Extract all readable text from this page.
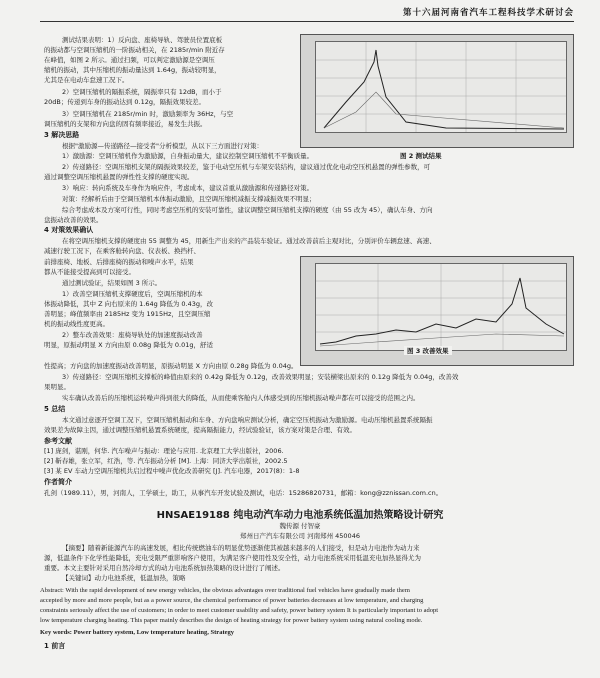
第十六届河南省汽车工程科技学术研讨会
测试结果表明：1）反向盘、座椅导轨、驾驶员位置底板
的振动都与空调压缩机的一阶振动相关，在 2185r/min 附近存
在峰值，如图 2 所示。通过扫频，可以判定激励源是空调压
缩机的振动，其中压缩机的振动量达到 1.64g，振动较明显，
尤其是在电动车怠速工况下。
2）空调压缩机的隔振系统，隔振率只有 12dB，而小于
20dB；传递到车身的振动达到 0.12g，隔振效果较差。
3）空调压缩机在 2185r/min 时，激励频率为 36Hz，与空
调压缩机的支架和方向盘的固有频率接近，易发生共振。
图 2 测试结果
3 解决思路
根据"激励源—传递路径—接受者"分析模型，从以下三方面进行对策：
1）激励源：空调压缩机作为激励源，自身振动量大，建议控制空调压缩机不平衡质量。
2）传递路径：空调压缩机支架的隔振效果较差，鉴于电动空压机与车架安装结构，建议通过优化电动空压机悬置的弹性参数，可
通过调整空调压缩机悬置的弹性性支撑的硬度实现。
3）响应：转向系统及车身作为响应件，考虑成本，建议首重从激励源和传递路径对策。
对策：经解析后由于空调压缩机本体振动激励，且空调压缩机减振支撑减振效果不明显；
综合考虑成本及方案可行性，同时考虑空压机的安装可靠性，建议调整空调压缩机支撑的硬度（由 55 改为 45），确认车身、方向
盘振动改善的效果。
4 对策效果确认
在将空调压缩机支撑的硬度由 55 调整为 45，用新生产出来的产品装车验证。通过改善前后主观对比，分别评价车辆怠速、高速、
减速行驶工况下，在乘客舱转向盘、仪表板、换挡杆、
前排座椅、地板、后排座椅的振动和噪声水平，结果
都从不能接受提高到可以接受。
通过测试验证，结果如图 3 所示。
1）改善空调压缩机支撑硬度后，空调压缩机的本
体振动降低，其中 Z 向右原来的 1.64g 降低为 0.43g，改
善明显；峰值频率由 2185Hz 变为 1915Hz，且空调压缩
机的振动线性度更高。
2）整车改善效果：座椅导轨处的加速度振动改善
明显，原振动明显 X 方向由原 0.08g 降低为 0.01g，舒适
图 3 改善效果
性提高；方向盘的加速度振动改善明显，原振动明显 X 方向由原 0.28g 降低为 0.04g。
3）传递路径：空调压缩机支撑板的峰值由原来的 0.42g 降低为 0.12g，改善效果明显；安装横梁出原来的 0.12g 降低为 0.04g，改善效
果明显。
实车确认改善后的压缩机运转噪声得到很大的降低，从而使乘客舱内人体感受到的压缩机振动噪声都在可以接受的范围之内。
5 总结
本文通过意逐开空调工况下，空调压缩机振动和车身、方向盘响应测试分析，确定空压机振动为激励源。电动压缩机悬置系统隔振
效果差为故障主因，通过调整压缩机悬置系统硬度，提高隔振能力，经试验验证，该方案对策是合理、有效。
参考文献
[1] 庞剑，谌刚，何华. 汽车噪声与振动：理论与应用. 北京理工大学出版社，2006.
[2] 靳春雄，张立军，红浩，等. 汽车振动分析 [M]. 上海：同济大学出版社，2002.5
[3] 某 EV 车动力空调压缩机共启过程中噪声优化改善研究 [J]. 汽车电器，2017(8)：1-8
作者简介
孔剑（1989.11），男，河南人，工学硕士，助工，从事汽车开发试验及测试，电话：15286820731，邮箱：kong@zznissan.com.cn。
HNSAE19188 纯电动汽车动力电池系统低温加热策略设计研究
魏传源 付智豪
郑州日产汽车有限公司 河南郑州 450046
【摘要】随着新能源汽车的高速发展，相比传统燃油车的明显优势逐渐使其被越来越多的人们接受，但是动力电池作为动力来
源，低温条件下化学性能降低，充电受限严重影响客户使用，为满足客户使用性及安全性，动力电池系统采用低温充电加热显得尤为
重要。本文主要针对采用自然冷却方式的动力电池系统加热策略的设计进行了阐述。
【关键词】动力电池系统，低温加热，策略
Abstract: With the rapid development of new energy vehicles, the obvious advantages over traditional fuel vehicles have gradually made them
accepted by more and more people, but as a power source, the chemical performance of power batteries decreases at low temperature, and charging
constraints seriously affect the use of customers; in order to meet customer usability and safety, power battery system It is particularly important to adopt
low temperature charging heating. This paper mainly describes the design of heating strategy for power battery system using natural cooling mode.
Key words: Power battery system, Low temperature heating, Strategy
1 前言
